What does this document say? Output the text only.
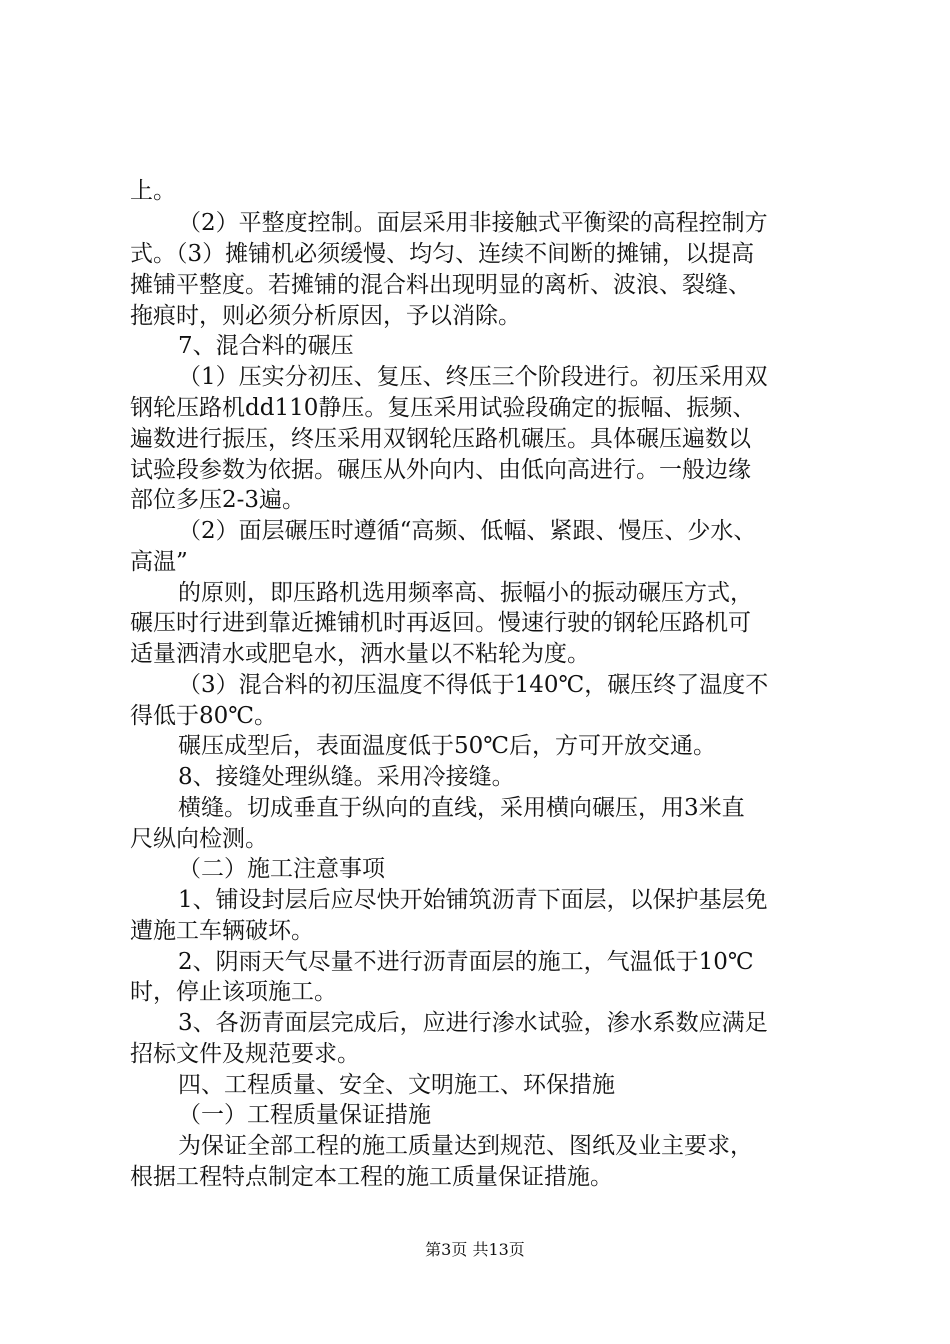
上。
（2）平整度控制。面层采用非接触式平衡梁的高程控制方
式。（3）摊铺机必须缓慢、均匀、连续不间断的摊铺，以提高
摊铺平整度。若摊铺的混合料出现明显的离析、波浪、裂缝、
拖痕时，则必须分析原因，予以消除。
7、混合料的碾压
（1）压实分初压、复压、终压三个阶段进行。初压采用双
钢轮压路机dd110静压。复压采用试验段确定的振幅、振频、
遍数进行振压，终压采用双钢轮压路机碾压。具体碾压遍数以
试验段参数为依据。碾压从外向内、由低向高进行。一般边缘
部位多压2-3遍。
（2）面层碾压时遵循“高频、低幅、紧跟、慢压、少水、
高温”
的原则，即压路机选用频率高、振幅小的振动碾压方式，
碾压时行进到靠近摊铺机时再返回。慢速行驶的钢轮压路机可
适量洒清水或肥皂水，洒水量以不粘轮为度。
（3）混合料的初压温度不得低于140℃，碾压终了温度不
得低于80℃。
碾压成型后，表面温度低于50℃后，方可开放交通。
8、接缝处理纵缝。采用冷接缝。
横缝。切成垂直于纵向的直线，采用横向碾压，用3米直
尺纵向检测。
（二）施工注意事项
1、铺设封层后应尽快开始铺筑沥青下面层，以保护基层免
遭施工车辆破坏。
2、阴雨天气尽量不进行沥青面层的施工，气温低于10℃
时，停止该项施工。
3、各沥青面层完成后，应进行渗水试验，渗水系数应满足
招标文件及规范要求。
四、工程质量、安全、文明施工、环保措施
（一）工程质量保证措施
为保证全部工程的施工质量达到规范、图纸及业主要求，
根据工程特点制定本工程的施工质量保证措施。
第3页 共13页
